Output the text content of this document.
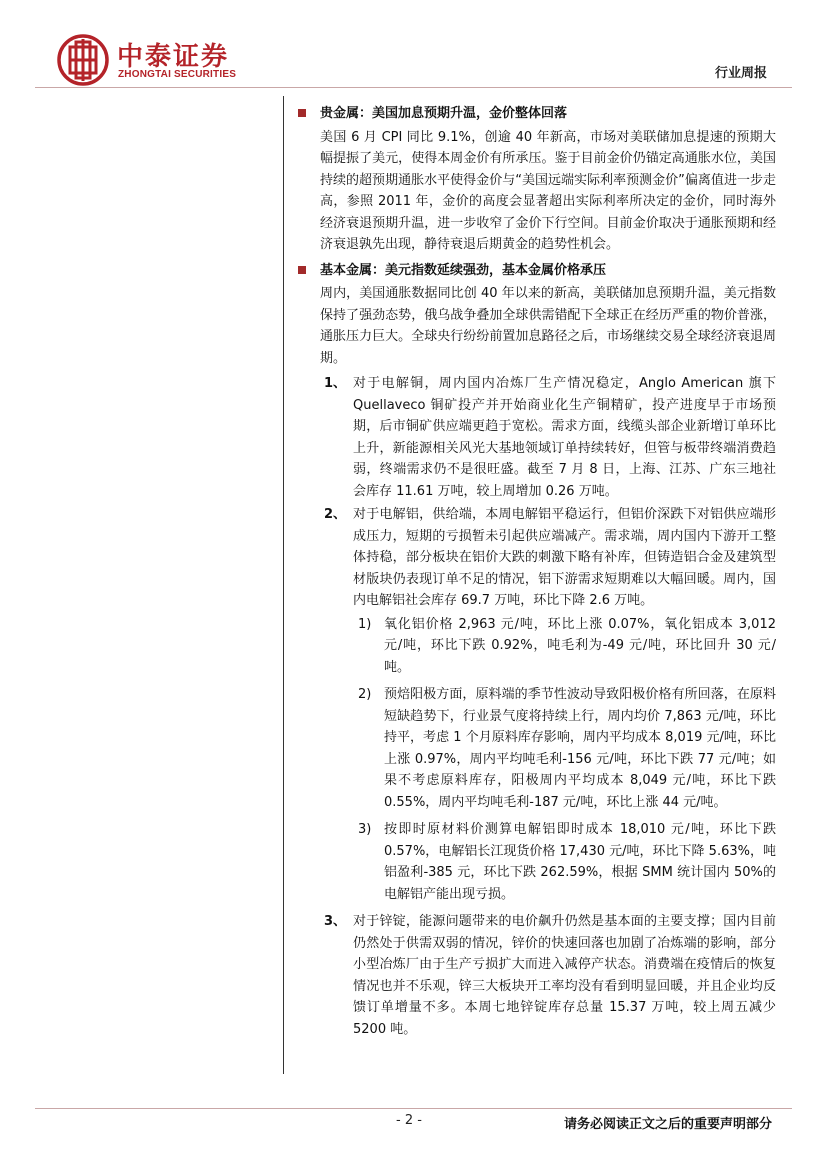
中泰证券
ZHONGTAI SECURITIES	行业周报
贵金属：美国加息预期升温，金价整体回落
美国 6 月 CPI 同比 9.1%，创逾 40 年新高，市场对美联储加息提速的预期大幅提振了美元，使得本周金价有所承压。鉴于目前金价仍锚定高通胀水位，美国持续的超预期通胀水平使得金价与“美国远端实际利率预测金价”偏离值进一步走高，参照 2011 年，金价的高度会显著超出实际利率所决定的金价，同时海外经济衰退预期升温，进一步收窄了金价下行空间。目前金价取决于通胀预期和经济衰退孰先出现，静待衰退后期黄金的趋势性机会。
基本金属：美元指数延续强劲，基本金属价格承压
周内，美国通胀数据同比创 40 年以来的新高，美联储加息预期升温，美元指数保持了强劲态势，俄乌战争叠加全球供需错配下全球正在经历严重的物价普涨，通胀压力巨大。全球央行纷纷前置加息路径之后，市场继续交易全球经济衰退周期。
1、 对于电解铜，周内国内冶炼厂生产情况稳定，Anglo American 旗下 Quellaveco 铜矿投产并开始商业化生产铜精矿，投产进度早于市场预期，后市铜矿供应端更趋于宽松。需求方面，线缆头部企业新增订单环比上升，新能源相关风光大基地领域订单持续转好，但管与板带终端消费趋弱，终端需求仍不是很旺盛。截至 7 月 8 日，上海、江苏、广东三地社会库存 11.61 万吨，较上周增加 0.26 万吨。
2、 对于电解铝，供给端，本周电解铝平稳运行，但铝价深跌下对铝供应端形成压力，短期的亏损暂未引起供应端减产。需求端，周内国内下游开工整体持稳，部分板块在铝价大跌的刺激下略有补库，但铸造铝合金及建筑型材版块仍表现订单不足的情况，铝下游需求短期难以大幅回暖。周内，国内电解铝社会库存 69.7 万吨，环比下降 2.6 万吨。
1) 氧化铝价格 2,963 元/吨，环比上涨 0.07%，氧化铝成本 3,012 元/吨，环比下跌 0.92%，吨毛利为-49 元/吨，环比回升 30 元/吨。
2) 预焙阳极方面，原料端的季节性波动导致阳极价格有所回落，在原料短缺趋势下，行业景气度将持续上行，周内均价 7,863 元/吨，环比持平，考虑 1 个月原料库存影响，周内平均成本 8,019 元/吨，环比上涨 0.97%，周内平均吨毛利-156 元/吨，环比下跌 77 元/吨；如果不考虑原料库存，阳极周内平均成本 8,049 元/吨，环比下跌 0.55%，周内平均吨毛利-187 元/吨，环比上涨 44 元/吨。
3) 按即时原材料价测算电解铝即时成本 18,010 元/吨，环比下跌 0.57%，电解铝长江现货价格 17,430 元/吨，环比下降 5.63%，吨铝盈利-385 元，环比下跌 262.59%，根据 SMM 统计国内 50%的电解铝产能出现亏损。
3、 对于锌锭，能源问题带来的电价飙升仍然是基本面的主要支撑；国内目前仍然处于供需双弱的情况，锌价的快速回落也加剧了冶炼端的影响，部分小型冶炼厂由于生产亏损扩大而进入减停产状态。消费端在疫情后的恢复情况也并不乐观，锌三大板块开工率均没有看到明显回暖，并且企业均反馈订单增量不多。本周七地锌锭库存总量 15.37 万吨，较上周五减少 5200 吨。
- 2 -	请务必阅读正文之后的重要声明部分
